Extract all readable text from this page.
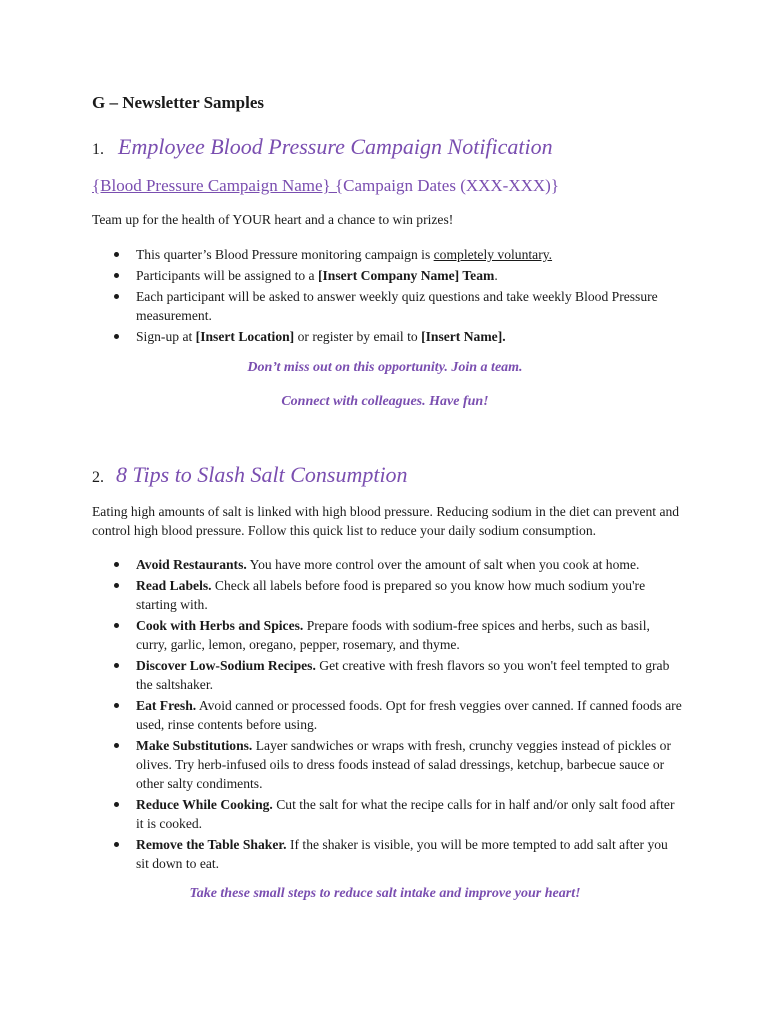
G – Newsletter Samples
1. Employee Blood Pressure Campaign Notification
{Blood Pressure Campaign Name} {Campaign Dates (XXX-XXX)}
Team up for the health of YOUR heart and a chance to win prizes!
This quarter’s Blood Pressure monitoring campaign is completely voluntary.
Participants will be assigned to a [Insert Company Name] Team.
Each participant will be asked to answer weekly quiz questions and take weekly Blood Pressure measurement.
Sign-up at [Insert Location] or register by email to [Insert Name].
Don’t miss out on this opportunity. Join a team.
Connect with colleagues. Have fun!
2. 8 Tips to Slash Salt Consumption
Eating high amounts of salt is linked with high blood pressure. Reducing sodium in the diet can prevent and control high blood pressure. Follow this quick list to reduce your daily sodium consumption.
Avoid Restaurants. You have more control over the amount of salt when you cook at home.
Read Labels. Check all labels before food is prepared so you know how much sodium you're starting with.
Cook with Herbs and Spices. Prepare foods with sodium-free spices and herbs, such as basil, curry, garlic, lemon, oregano, pepper, rosemary, and thyme.
Discover Low-Sodium Recipes. Get creative with fresh flavors so you won't feel tempted to grab the saltshaker.
Eat Fresh. Avoid canned or processed foods. Opt for fresh veggies over canned. If canned foods are used, rinse contents before using.
Make Substitutions. Layer sandwiches or wraps with fresh, crunchy veggies instead of pickles or olives. Try herb-infused oils to dress foods instead of salad dressings, ketchup, barbecue sauce or other salty condiments.
Reduce While Cooking. Cut the salt for what the recipe calls for in half and/or only salt food after it is cooked.
Remove the Table Shaker. If the shaker is visible, you will be more tempted to add salt after you sit down to eat.
Take these small steps to reduce salt intake and improve your heart!
